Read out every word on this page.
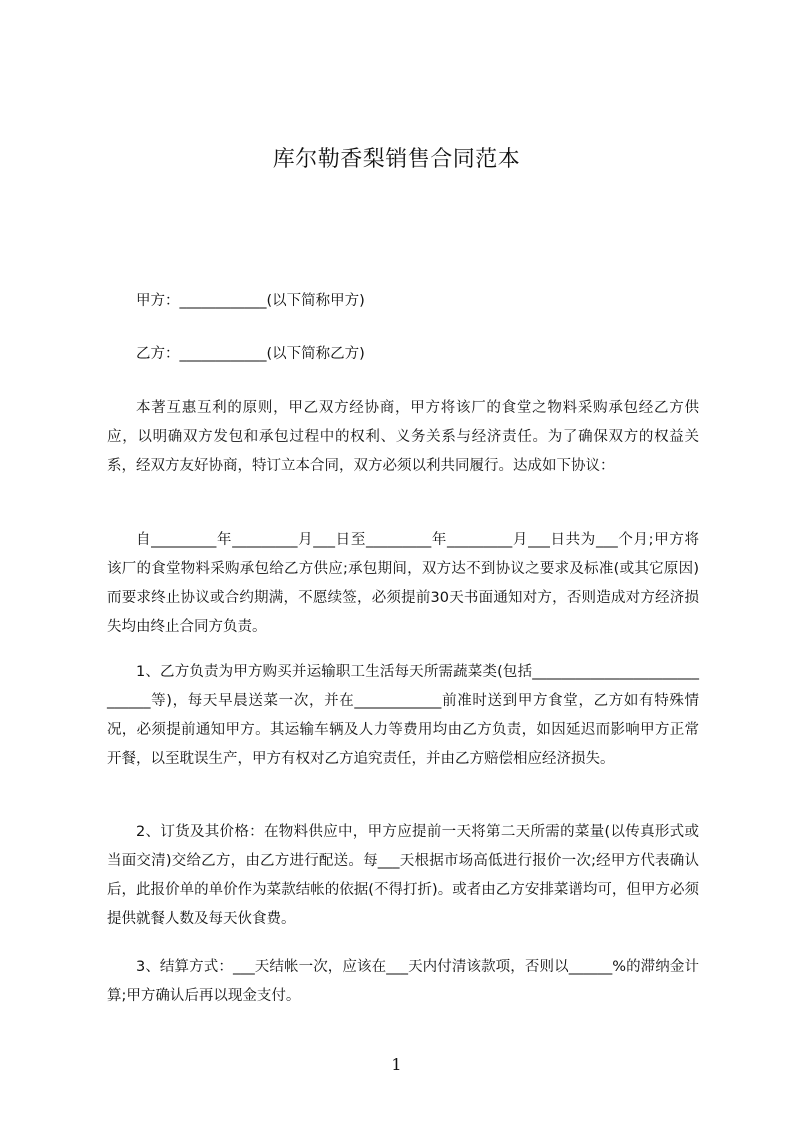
库尔勒香梨销售合同范本
甲方：____________(以下简称甲方)
乙方：____________(以下简称乙方)
本著互惠互利的原则，甲乙双方经协商，甲方将该厂的食堂之物料采购承包经乙方供应，以明确双方发包和承包过程中的权利、义务关系与经济责任。为了确保双方的权益关系，经双方友好协商，特订立本合同，双方必须以利共同履行。达成如下协议：
自_________年_________月___日至_________年_________月___日共为___个月;甲方将该厂的食堂物料采购承包给乙方供应;承包期间，双方达不到协议之要求及标准(或其它原因)而要求终止协议或合约期满，不愿续签，必须提前30天书面通知对方，否则造成对方经济损失均由终止合同方负责。
1、乙方负责为甲方购买并运输职工生活每天所需蔬菜类(包括_____________________________等)，每天早晨送菜一次，并在____________前准时送到甲方食堂，乙方如有特殊情况，必须提前通知甲方。其运输车辆及人力等费用均由乙方负责，如因延迟而影响甲方正常开餐，以至耽误生产，甲方有权对乙方追究责任，并由乙方赔偿相应经济损失。
2、订货及其价格：在物料供应中，甲方应提前一天将第二天所需的菜量(以传真形式或当面交清)交给乙方，由乙方进行配送。每___天根据市场高低进行报价一次;经甲方代表确认后，此报价单的单价作为菜款结帐的依据(不得打折)。或者由乙方安排菜谱均可，但甲方必须提供就餐人数及每天伙食费。
3、结算方式：___天结帐一次，应该在___天内付清该款项，否则以______%的滞纳金计算;甲方确认后再以现金支付。
1
